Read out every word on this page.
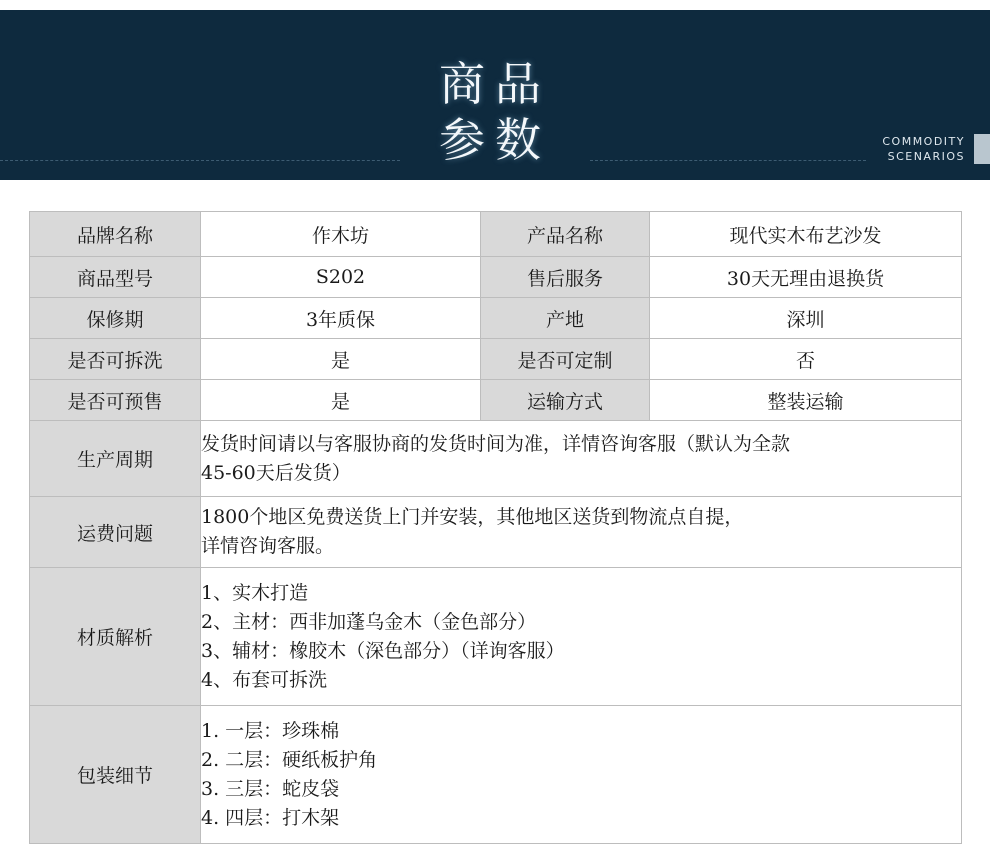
商品
参数	COMMODITY
SCENARIOS
品牌名称	作木坊	产品名称	现代实木布艺沙发
商品型号	S202	售后服务	30天无理由退换货
保修期	3年质保	产地	深圳
是否可拆洗	是	是否可定制	否
是否可预售	是	运输方式	整装运输
生产周期	发货时间请以与客服协商的发货时间为准，详情咨询客服（默认为全款
45-60天后发货）		

运费问题	1800个地区免费送货上门并安装，其他地区送货到物流点自提，
详情咨询客服。		

材质解析	1、实木打造
2、主材：西非加蓬乌金木（金色部分）
3、辅材：橡胶木（深色部分）（详询客服）
4、布套可拆洗		

包装细节	1. 一层：珍珠棉
2. 二层：硬纸板护角
3. 三层：蛇皮袋
4. 四层：打木架		
